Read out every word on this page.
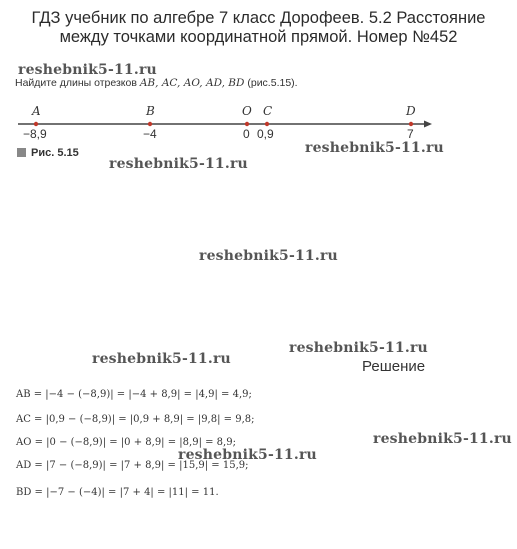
ГДЗ учебник по алгебре 7 класс Дорофеев. 5.2 Расстояние
между точками координатной прямой. Номер №452
reshebnik5-11.ru
Найдите длины отрезков AB, AC, AO, AD, BD (рис.5.15).
A	B	O C	D
−8,9	−4	0 0,9	7
Рис. 5.15	reshebnik5-11.ru
reshebnik5-11.ru
reshebnik5-11.ru
reshebnik5-11.ru
reshebnik5-11.ru	Решение
AB = |−4 − (−8,9)| = |−4 + 8,9| = |4,9| = 4,9;
AC = |0,9 − (−8,9)| = |0,9 + 8,9| = |9,8| = 9,8;
AO = |0 − (−8,9)| = |0 + 8,9| = |8,9| = 8,9;
AD = |7 − (−8,9)| = |7 + 8,9| = |15,9| = 15,9;
BD = |−7 − (−4)| = |7 + 4| = |11| = 11.
reshebnik5-11.ru
reshebnik5-11.ru
